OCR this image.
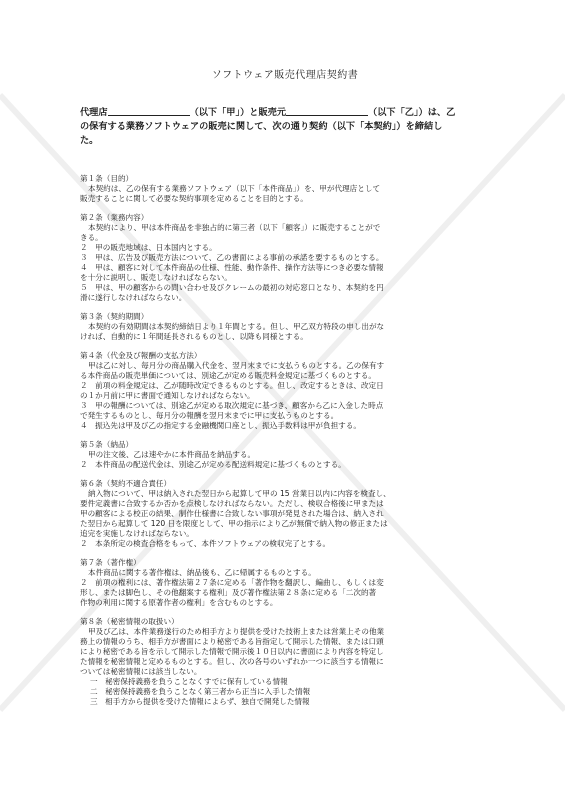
ソフトウェア販売代理店契約書
代理店	（以下「甲」）と販売元	（以下「乙」）は、乙
の保有する業務ソフトウェアの販売に関して、次の通り契約（以下「本契約」）を締結し
た。
第１条（目的）
本契約は、乙の保有する業務ソフトウェア（以下「本件商品」）を、甲が代理店として
販売することに関して必要な契約事項を定めることを目的とする。
第２条（業務内容）
本契約により、甲は本件商品を非独占的に第三者（以下「顧客」）に販売することがで
きる。
２　甲の販売地域は、日本国内とする。
３　甲は、広告及び販売方法について、乙の書面による事前の承諾を要するものとする。
４　甲は、顧客に対して本件商品の仕様、性能、動作条件、操作方法等につき必要な情報
を十分に説明し、販売しなければならない。
５　甲は、甲の顧客からの問い合わせ及びクレームの最初の対応窓口となり、本契約を円
滑に遂行しなければならない。
第３条（契約期間）
本契約の有効期間は本契約締結日より１年間とする。但し、甲乙双方特段の申し出がな
ければ、自動的に１年間延長されるものとし、以降も同様とする。
第４条（代金及び報酬の支払方法）
甲は乙に対し、毎月分の商品購入代金を、翌月末までに支払うものとする。乙の保有す
る本件商品の販売単価については、別途乙が定める販売料金規定に基づくものとする。
２　前項の料金規定は、乙が随時改定できるものとする。但し、改定するときは、改定日
の１か月前に甲に書面で通知しなければならない。
３　甲の報酬については、別途乙が定める取次規定に基づき、顧客から乙に入金した時点
で発生するものとし、毎月分の報酬を翌月末までに甲に支払うものとする。
４　振込先は甲及び乙の指定する金融機関口座とし、振込手数料は甲が負担する。
第５条（納品）
甲の注文後、乙は速やかに本件商品を納品する。
２　本件商品の配送代金は、別途乙が定める配送料規定に基づくものとする。
第６条（契約不適合責任）
納入物について、甲は納入された翌日から起算して甲の 15 営業日以内に内容を検査し、
要件定義書に合致するか否かを点検しなければならない。ただし、検収合格後に甲または
甲の顧客による校正の結果、制作仕様書に合致しない事項が発見された場合は、納入され
た翌日から起算して 120 日を限度として、甲の指示により乙が無償で納入物の修正または
追完を実施しなければならない。
２　本条所定の検査合格をもって、本件ソフトウェアの検収完了とする。
第７条（著作権）
本件商品に関する著作権は、納品後も、乙に帰属するものとする。
２　前項の権利には、著作権法第２７条に定める「著作物を翻訳し、編曲し、もしくは変
形し、または脚色し、その他翻案する権利」及び著作権法第２８条に定める「二次的著
作物の利用に関する原著作者の権利」を含むものとする。
第８条（秘密情報の取扱い）
甲及び乙は、本件業務遂行のため相手方より提供を受けた技術上または営業上その他業
務上の情報のうち、相手方が書面により秘密である旨指定して開示した情報、または口頭
により秘密である旨を示して開示した情報で開示後１０日以内に書面により内容を特定し
た情報を秘密情報と定めるものとする。但し、次の各号のいずれか一つに該当する情報に
ついては秘密情報には該当しない。
一　秘密保持義務を負うことなくすでに保有している情報
二　秘密保持義務を負うことなく第三者から正当に入手した情報
三　相手方から提供を受けた情報によらず、独自で開発した情報
